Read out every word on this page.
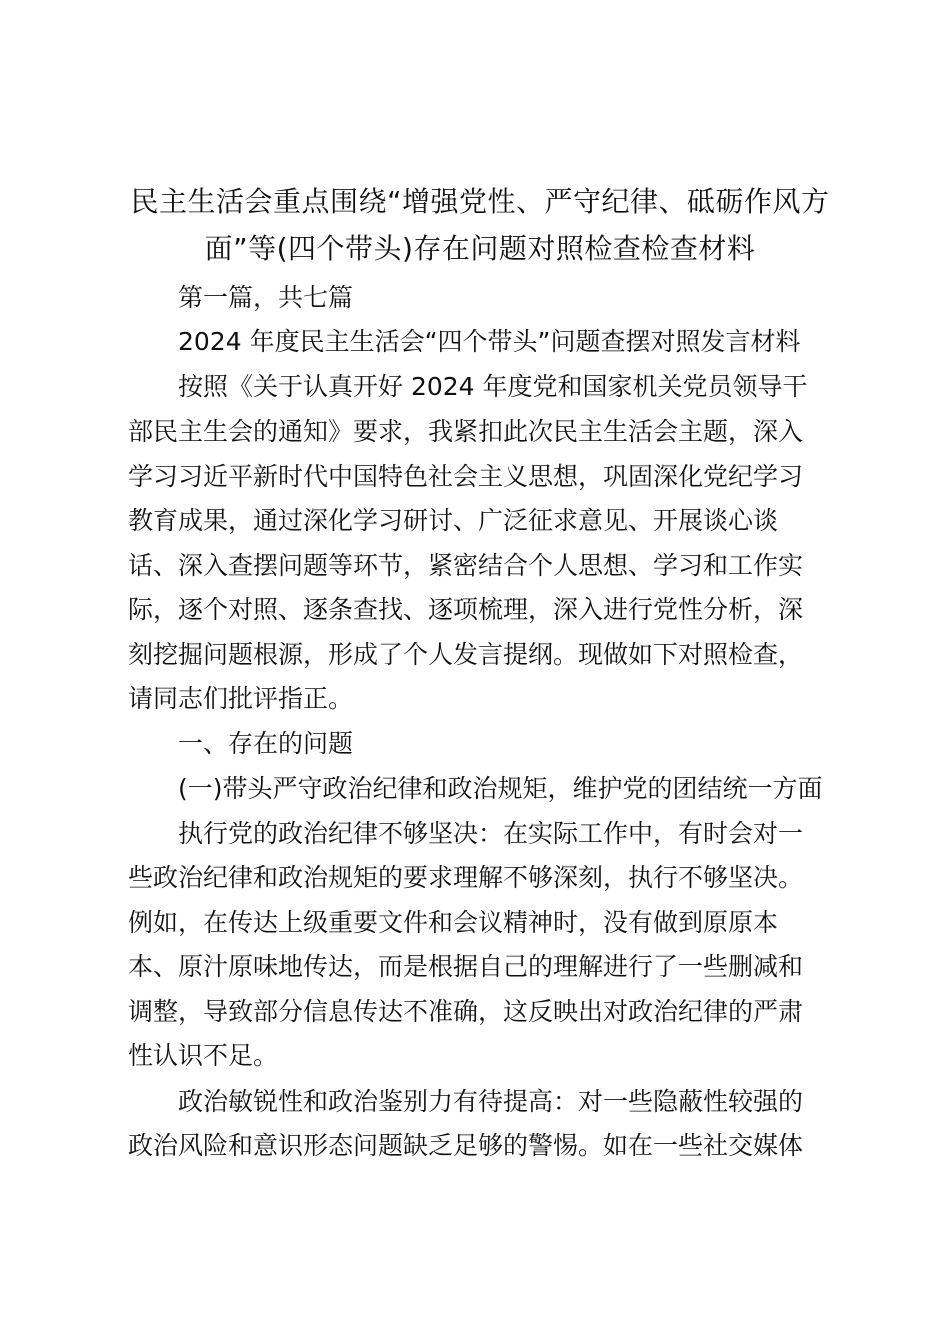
民主生活会重点围绕“增强党性、严守纪律、砥砺作风方
面”等(四个带头)存在问题对照检查检查材料
第一篇，共七篇
2024 年度民主生活会“四个带头”问题查摆对照发言材料
按照《关于认真开好 2024 年度党和国家机关党员领导干
部民主生会的通知》要求，我紧扣此次民主生活会主题，深入
学习习近平新时代中国特色社会主义思想，巩固深化党纪学习
教育成果，通过深化学习研讨、广泛征求意见、开展谈心谈
话、深入查摆问题等环节，紧密结合个人思想、学习和工作实
际，逐个对照、逐条查找、逐项梳理，深入进行党性分析，深
刻挖掘问题根源，形成了个人发言提纲。现做如下对照检查，
请同志们批评指正。
一、存在的问题
(一)带头严守政治纪律和政治规矩，维护党的团结统一方面
执行党的政治纪律不够坚决：在实际工作中，有时会对一
些政治纪律和政治规矩的要求理解不够深刻，执行不够坚决。
例如，在传达上级重要文件和会议精神时，没有做到原原本
本、原汁原味地传达，而是根据自己的理解进行了一些删减和
调整，导致部分信息传达不准确，这反映出对政治纪律的严肃
性认识不足。
政治敏锐性和政治鉴别力有待提高：对一些隐蔽性较强的
政治风险和意识形态问题缺乏足够的警惕。如在一些社交媒体
